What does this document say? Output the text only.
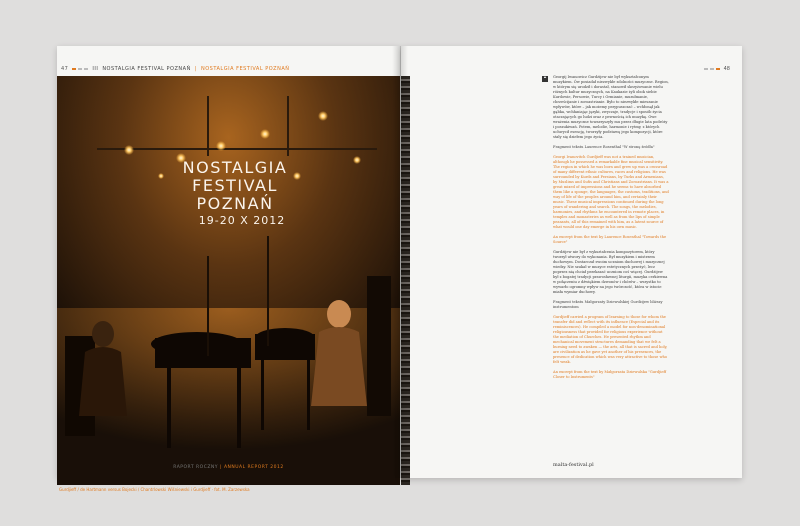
47	III NOSTALGIA FESTIVAL POZNAŃ | NOSTALGIA FESTIVAL POZNAŃ
NOSTALGIA
FESTIVAL
POZNAŃ
19-20 X 2012
Gurdjieff / de Hartmann versus Bojecki / Chantrlowski Wiśniewski i Gurdjieff · fot. M. Zarzewska
RAPORT ROCZNY | ANNUAL REPORT 2012
48
❝	Georgij Iwanowicz Gurdżijew nie był wykształconym muzykiem. Ów posiadał niezwykłe zdolności muzyczne. Region, w którym się urodził i dorastał, stanowił skrzyżowanie wielu różnych kultur muzycznych, na Kaukazie żyli obok siebie Kurdowie, Persowie, Turcy i Ormianie, muzułmanie, chrześcijanie i zoroastrianie. Było to niezwykłe mieszanie wpływów, które – jak możemy przypuszczać – wchłonął jak gąbka, wchłaniając języki, zwyczaje, tradycje i sposób życia otaczających go ludzi oraz z pewnością ich muzykę. Owe wrażenia muzyczne towarzyszyły mu przez długie lata podróży i poszukiwań. Potem, melodie, harmonie i rytmy, z których uchwycił esencję, tworzyły podstawę jego kompozycji, które stały się dziełem jego życia.

Fragment tekstu Laurence Rosenthal "W stronę źródła"

Georgi Ivanovitch Gurdjieff was not a trained musician, although he possessed a remarkable fine musical sensitivity. The region in which he was born and grew up was a crossroad of many different ethnic cultures, races and religions. He was surrounded by Kurds and Persians, by Turks and Armenians, by Muslims and Sufis and Christians and Zoroastrians. It was a great mixed of impressions and he seems to have absorbed them like a sponge, the languages, the customs, traditions, and way of life of the peoples around him, and certainly their music. These musical impressions continued during the long years of wandering and search. The songs, the melodies, harmonies, and rhythms he encountered in remote places, in temples and monasteries as well as from the lips of simple peasants, all of this remained with him, as a latent source of what would one day emerge in his own music.

An excerpt from the text by Laurence Rosenthal "Towards the Source"

Gurdżijew nie był z wykształcenia kompozytorem, który tworzył utwory do wykonania. Był muzykiem i mistrzem duchowym. Dostarczał swoim uczniom duchowej i muzycznej wiedzy. Nie szukał w muzyce estetycznych przeżyć, lecz poprzez nią chciał przekazać uczniom coś więcej. Gurdżijew był z bogatej tradycji prawosławnej liturgii, muzyka cerkiewna w połączeniu z dźwiękiem dzwonów i chórów – wszystko to wywarło ogromny wpływ na jego twórczość, która w istocie miała wymiar duchowy.

Fragment tekstu Małgorzaty Dziewulskiej Gurdżijew bliższy instrumentom

Gurdjieff carried a program of learning to those for whom the transfer did and reflect with its influence (Especial and its reminiscences). He compiled a model for non-denominational religiousness that provided for religious experience without the mediation of Churches. He presented rhythm and mechanical movement structures demanding that we felt a burning need to awaken — the arts, all that is sacred and holy, are civilization as he gave yet another of his presences, the presence of dedication which was very attractive to those who felt weak.

An excerpt from the text by Małgorzata Dziewulska "Gurdjieff Closer to Instruments"

malta-festival.pl
